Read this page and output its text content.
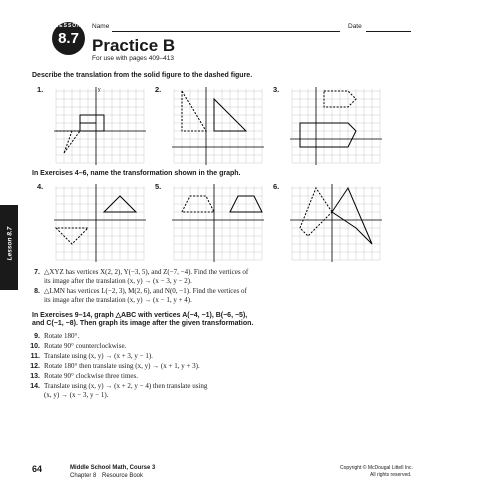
LESSON
8.7
Name	Date
Practice B
For use with pages 409–413
Lesson 8.7
Describe the translation from the solid figure to the dashed figure.
1.	2.	3.
y
In Exercises 4–6, name the transformation shown in the graph.
4.	5.	6.
7. △XYZ has vertices X(2, 2), Y(−3, 5), and Z(−7, −4). Find the vertices of
its image after the translation (x, y) → (x − 3, y − 2).
8. △LMN has vertices L(−2, 3), M(2, 6), and N(0, −1). Find the vertices of
its image after the translation (x, y) → (x − 1, y + 4).
In Exercises 9–14, graph △ABC with vertices A(−4, −1), B(−6, −5),
and C(−1, −8). Then graph its image after the given transformation.
9. Rotate 180°.
10. Rotate 90° counterclockwise.
11. Translate using (x, y) → (x + 3, y − 1).
12. Rotate 180° then translate using (x, y) → (x + 1, y + 3).
13. Rotate 90° clockwise three times.
14. Translate using (x, y) → (x + 2, y − 4) then translate using
(x, y) → (x − 3, y − 1).
64	Middle School Math, Course 3
Chapter 8 Resource Book
Copyright © McDougal Littell Inc.
All rights reserved.
